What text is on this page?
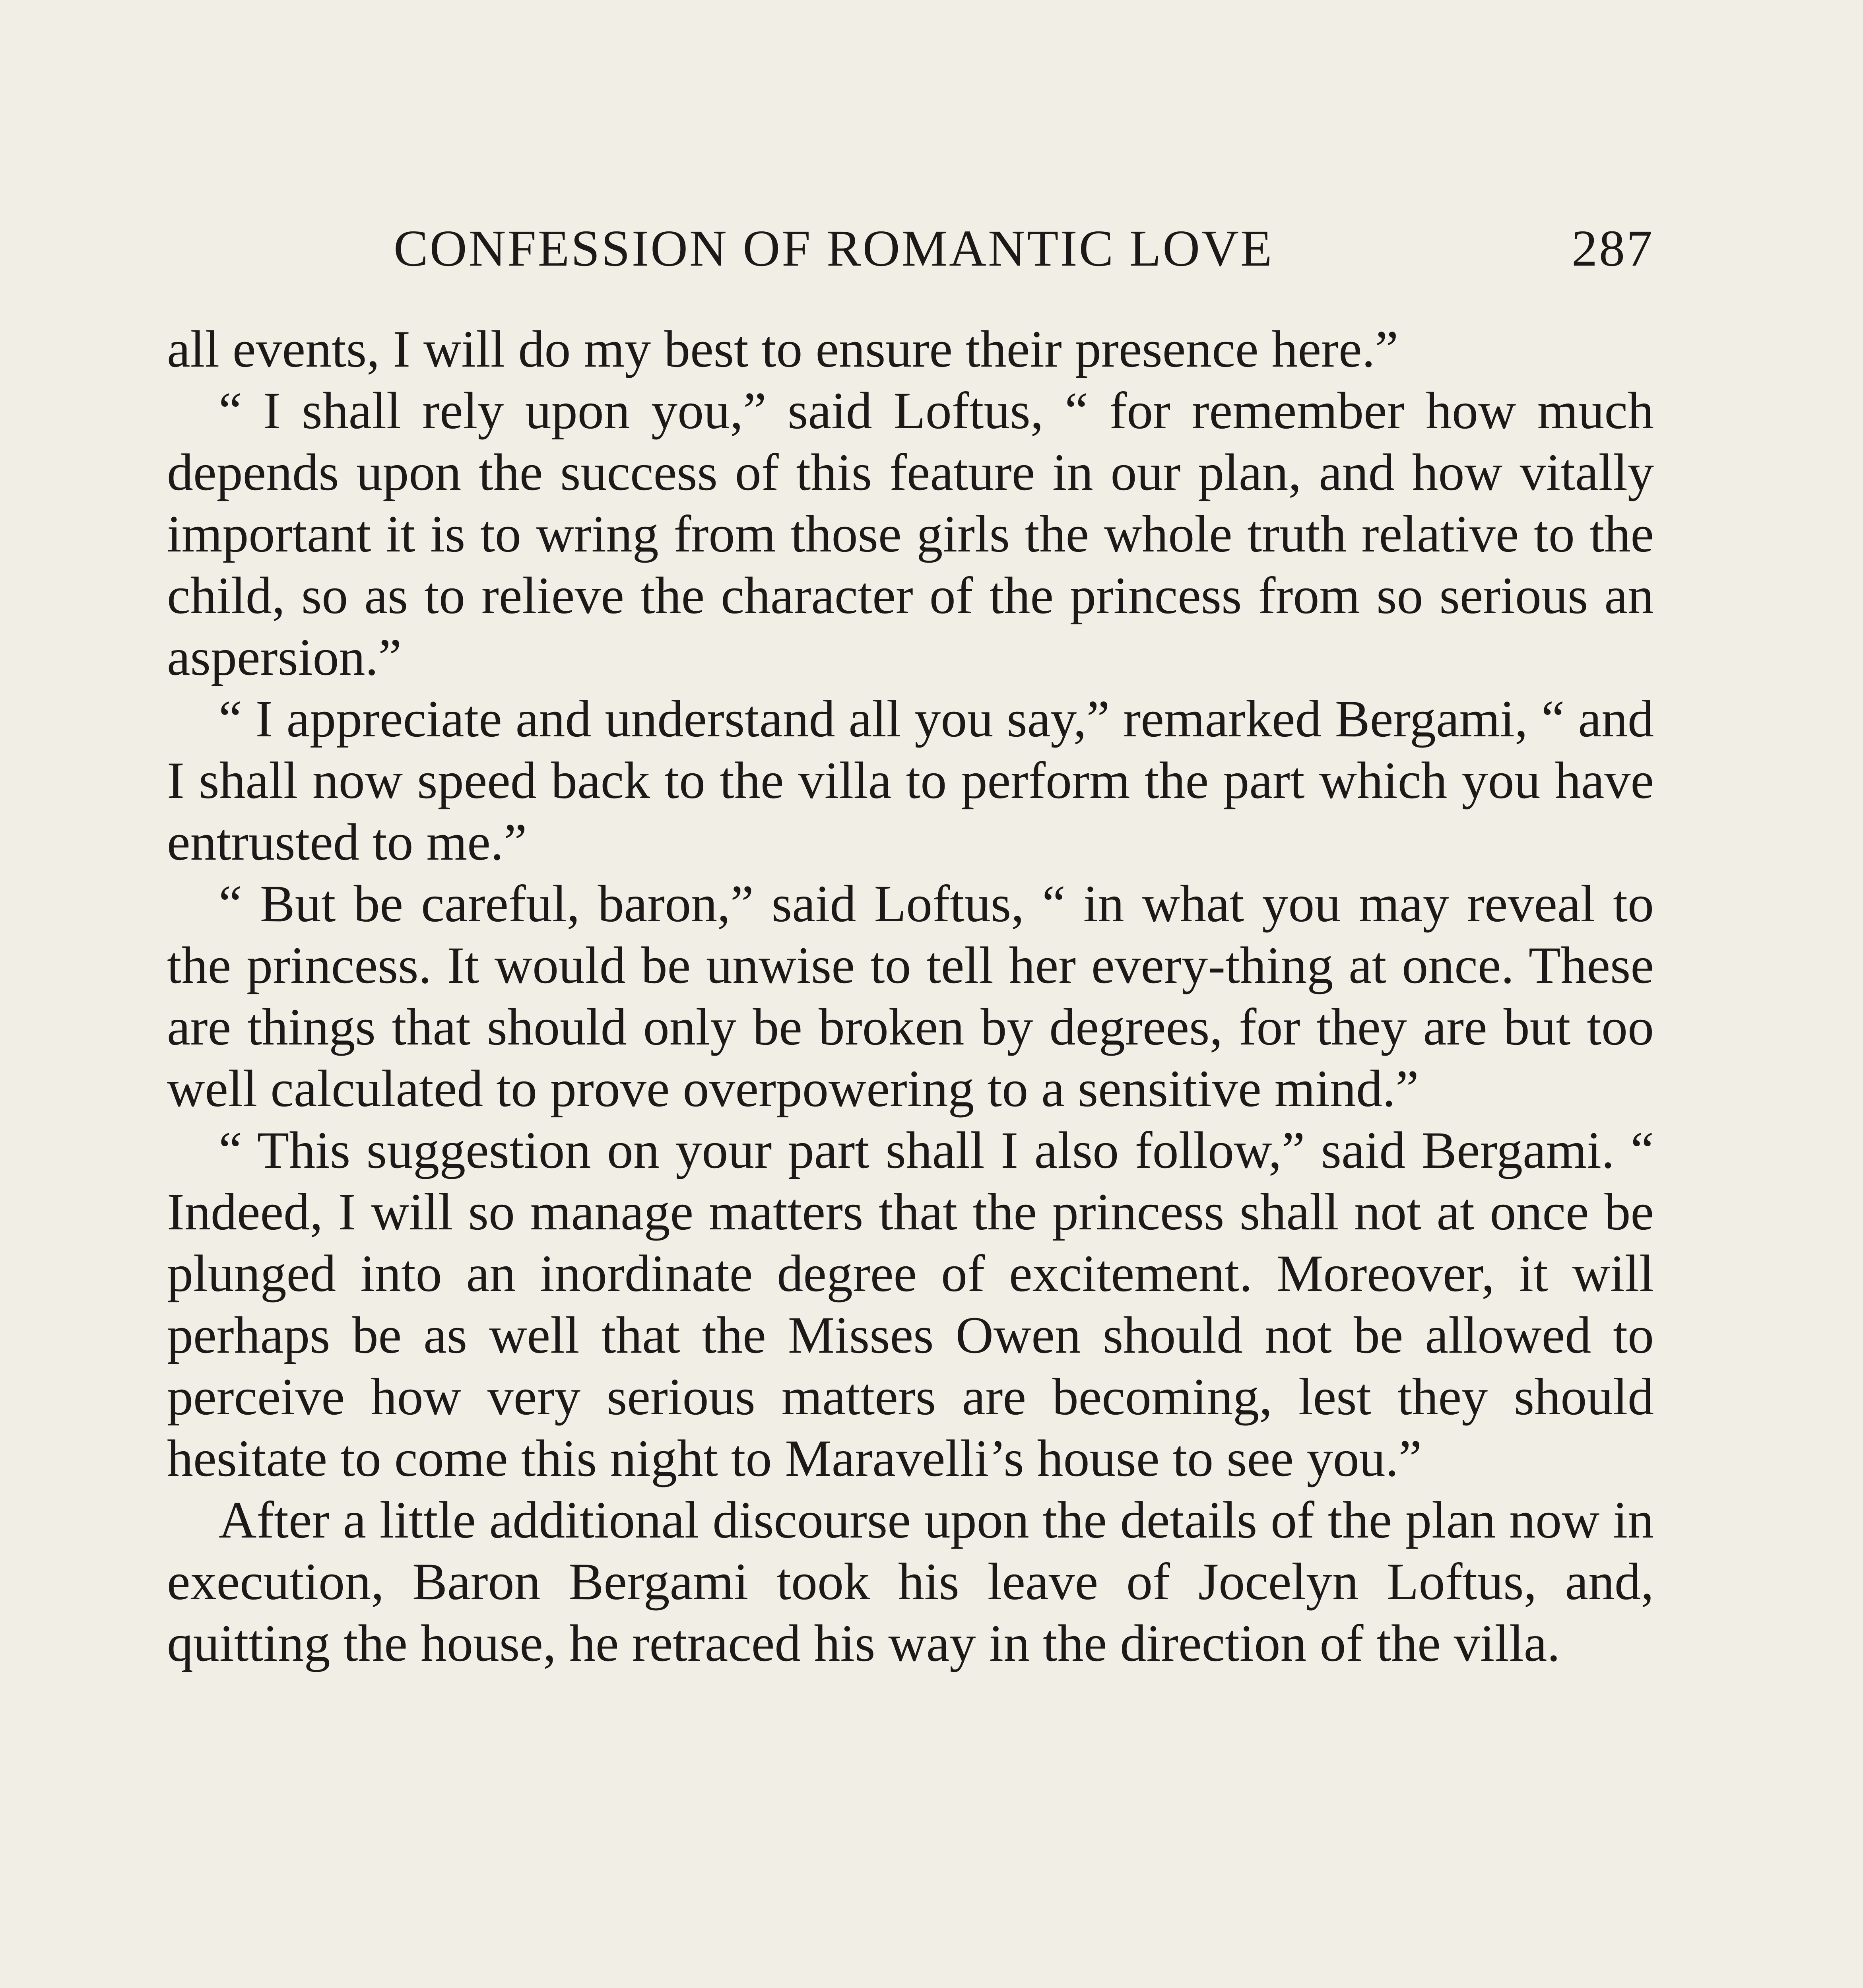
CONFESSION OF ROMANTIC LOVE	287

all events, I will do my best to ensure their presence here.”

“ I shall rely upon you,” said Loftus, “ for remember how much depends upon the success of this feature in our plan, and how vitally important it is to wring from those girls the whole truth relative to the child, so as to relieve the character of the princess from so serious an aspersion.”

“ I appreciate and understand all you say,” remarked Bergami, “ and I shall now speed back to the villa to perform the part which you have entrusted to me.”

“ But be careful, baron,” said Loftus, “ in what you may reveal to the princess. It would be unwise to tell her every-thing at once. These are things that should only be broken by degrees, for they are but too well calculated to prove overpowering to a sensitive mind.”

“ This suggestion on your part shall I also follow,” said Bergami. “ Indeed, I will so manage matters that the princess shall not at once be plunged into an inordinate degree of excitement. Moreover, it will perhaps be as well that the Misses Owen should not be allowed to perceive how very serious matters are becoming, lest they should hesitate to come this night to Maravelli’s house to see you.”

After a little additional discourse upon the details of the plan now in execution, Baron Bergami took his leave of Jocelyn Loftus, and, quitting the house, he retraced his way in the direction of the villa.
